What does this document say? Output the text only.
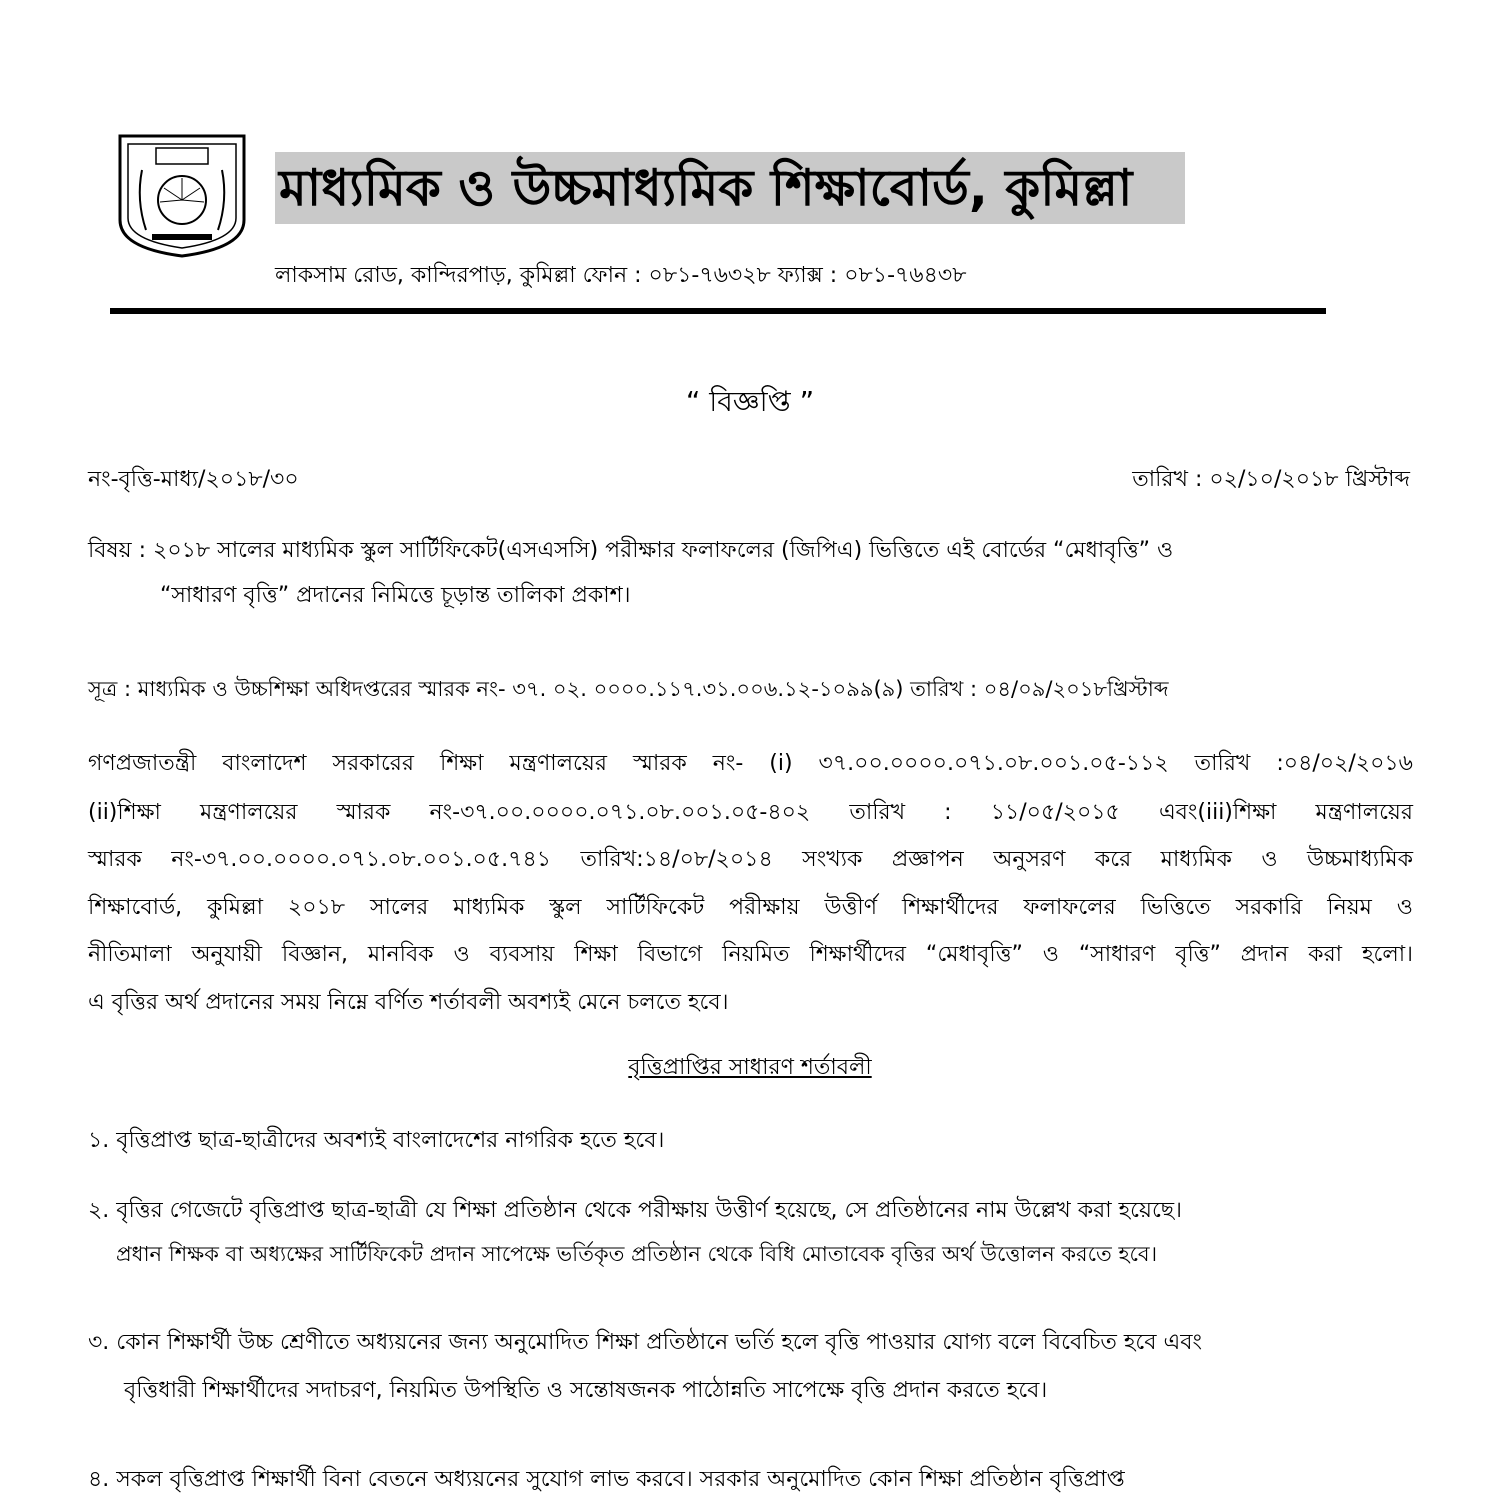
মাধ্যমিক ও উচ্চমাধ্যমিক শিক্ষাবোর্ড, কুমিল্লা
লাকসাম রোড, কান্দিরপাড়, কুমিল্লা ফোন : ০৮১-৭৬৩২৮ ফ্যাক্স : ০৮১-৭৬৪৩৮
“ বিজ্ঞপ্তি ”
নং-বৃত্তি-মাধ্য/২০১৮/৩০	তারিখ : ০২/১০/২০১৮ খ্রিস্টাব্দ
বিষয় : ২০১৮ সালের মাধ্যমিক স্কুল সার্টিফিকেট(এসএসসি) পরীক্ষার ফলাফলের (জিপিএ) ভিত্তিতে এই বোর্ডের “মেধাবৃত্তি” ও
“সাধারণ বৃত্তি” প্রদানের নিমিত্তে চূড়ান্ত তালিকা প্রকাশ।
সূত্র : মাধ্যমিক ও উচ্চশিক্ষা অধিদপ্তরের স্মারক নং- ৩৭. ০২. ০০০০.১১৭.৩১.০০৬.১২-১০৯৯(৯) তারিখ : ০৪/০৯/২০১৮খ্রিস্টাব্দ
গণপ্রজাতন্ত্রী বাংলাদেশ সরকারের শিক্ষা মন্ত্রণালয়ের স্মারক নং- (i) ৩৭.০০.০০০০.০৭১.০৮.০০১.০৫-১১২ তারিখ :০৪/০২/২০১৬
(ii)শিক্ষা মন্ত্রণালয়ের স্মারক নং-৩৭.০০.০০০০.০৭১.০৮.০০১.০৫-৪০২ তারিখ : ১১/০৫/২০১৫ এবং(iii)শিক্ষা মন্ত্রণালয়ের
স্মারক নং-৩৭.০০.০০০০.০৭১.০৮.০০১.০৫.৭৪১ তারিখ:১৪/০৮/২০১৪ সংখ্যক প্রজ্ঞাপন অনুসরণ করে মাধ্যমিক ও উচ্চমাধ্যমিক
শিক্ষাবোর্ড, কুমিল্লা ২০১৮ সালের মাধ্যমিক স্কুল সার্টিফিকেট পরীক্ষায় উত্তীর্ণ শিক্ষার্থীদের ফলাফলের ভিত্তিতে সরকারি নিয়ম ও
নীতিমালা অনুযায়ী বিজ্ঞান, মানবিক ও ব্যবসায় শিক্ষা বিভাগে নিয়মিত শিক্ষার্থীদের “মেধাবৃত্তি” ও “সাধারণ বৃত্তি” প্রদান করা হলো।
এ বৃত্তির অর্থ প্রদানের সময় নিম্নে বর্ণিত শর্তাবলী অবশ্যই মেনে চলতে হবে।
বৃত্তিপ্রাপ্তির সাধারণ শর্তাবলী
১. বৃত্তিপ্রাপ্ত ছাত্র-ছাত্রীদের অবশ্যই বাংলাদেশের নাগরিক হতে হবে।
২. বৃত্তির গেজেটে বৃত্তিপ্রাপ্ত ছাত্র-ছাত্রী যে শিক্ষা প্রতিষ্ঠান থেকে পরীক্ষায় উত্তীর্ণ হয়েছে, সে প্রতিষ্ঠানের নাম উল্লেখ করা হয়েছে।
প্রধান শিক্ষক বা অধ্যক্ষের সার্টিফিকেট প্রদান সাপেক্ষে ভর্তিকৃত প্রতিষ্ঠান থেকে বিধি মোতাবেক বৃত্তির অর্থ উত্তোলন করতে হবে।
৩. কোন শিক্ষার্থী উচ্চ শ্রেণীতে অধ্যয়নের জন্য অনুমোদিত শিক্ষা প্রতিষ্ঠানে ভর্তি হলে বৃত্তি পাওয়ার যোগ্য বলে বিবেচিত হবে এবং
বৃত্তিধারী শিক্ষার্থীদের সদাচরণ, নিয়মিত উপস্থিতি ও সন্তোষজনক পাঠোন্নতি সাপেক্ষে বৃত্তি প্রদান করতে হবে।
৪. সকল বৃত্তিপ্রাপ্ত শিক্ষার্থী বিনা বেতনে অধ্যয়নের সুযোগ লাভ করবে। সরকার অনুমোদিত কোন শিক্ষা প্রতিষ্ঠান বৃত্তিপ্রাপ্ত
